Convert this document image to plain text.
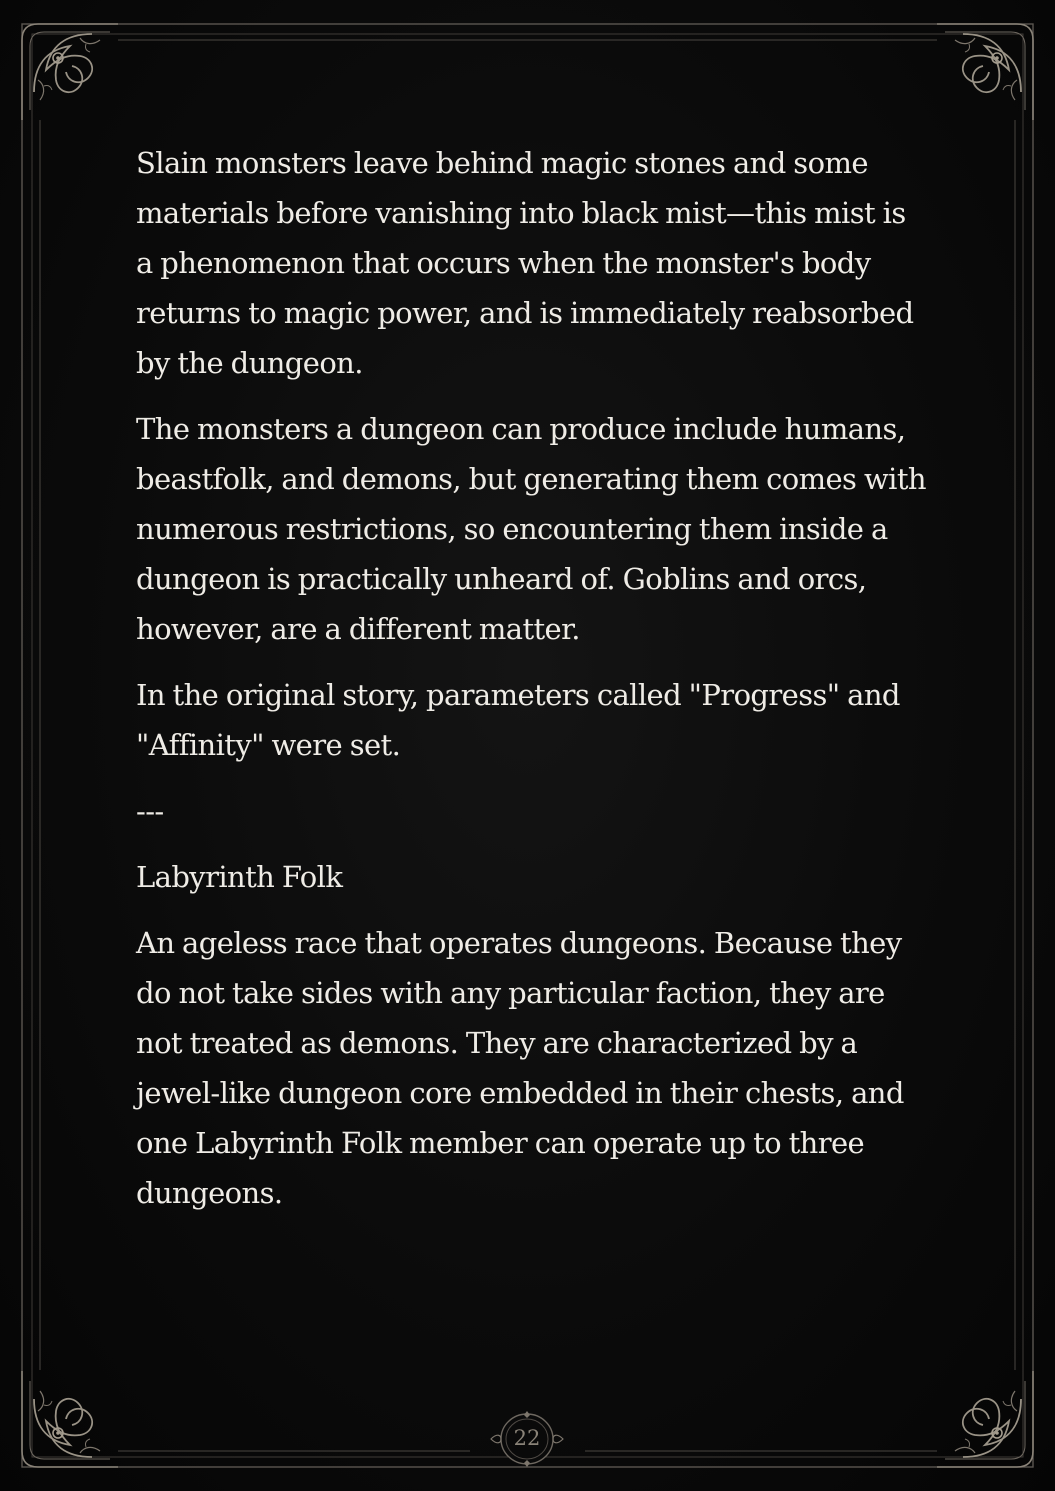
Slain monsters leave behind magic stones and some materials before vanishing into black mist—this mist is a phenomenon that occurs when the monster's body returns to magic power, and is immediately reabsorbed by the dungeon.

The monsters a dungeon can produce include humans, beastfolk, and demons, but generating them comes with numerous restrictions, so encountering them inside a dungeon is practically unheard of. Goblins and orcs, however, are a different matter.

In the original story, parameters called "Progress" and "Affinity" were set.

---

Labyrinth Folk

An ageless race that operates dungeons. Because they do not take sides with any particular faction, they are not treated as demons. They are characterized by a jewel-like dungeon core embedded in their chests, and one Labyrinth Folk member can operate up to three dungeons.

22
